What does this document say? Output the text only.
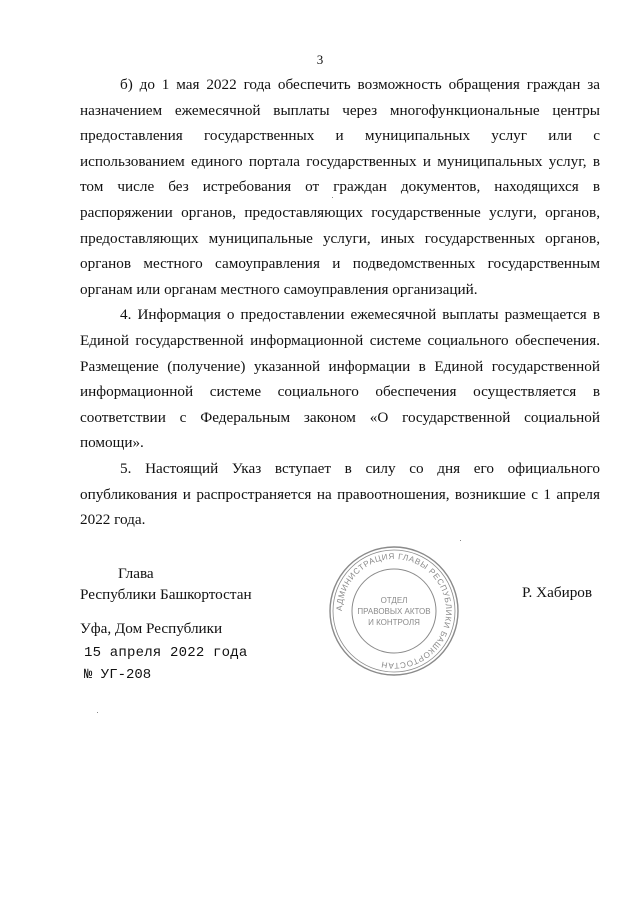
3

б) до 1 мая 2022 года обеспечить возможность обращения граждан за назначением ежемесячной выплаты через многофункциональные центры предоставления государственных и муниципальных услуг или с использованием единого портала государственных и муниципальных услуг, в том числе без истребования от граждан документов, находящихся в распоряжении органов, предоставляющих государственные услуги, органов, предоставляющих муниципальные услуги, иных государственных органов, органов местного самоуправления и подведомственных государственным органам или органам местного самоуправления организаций.

4. Информация о предоставлении ежемесячной выплаты размещается в Единой государственной информационной системе социального обеспечения. Размещение (получение) указанной информации в Единой государственной информационной системе социального обеспечения осуществляется в соответствии с Федеральным законом «О государственной социальной помощи».

5. Настоящий Указ вступает в силу со дня его официального опубликования и распространяется на правоотношения, возникшие с 1 апреля 2022 года.

Глава
Республики Башкортостан
АДМИНИСТРАЦИЯ ГЛАВЫ РЕСПУБЛИКИ БАШКОРТОСТАН
ОТДЕЛ
ПРАВОВЫХ АКТОВ
И КОНТРОЛЯ
Р. Хабиров
Уфа, Дом Республики
15 апреля 2022 года
№ УГ-208
